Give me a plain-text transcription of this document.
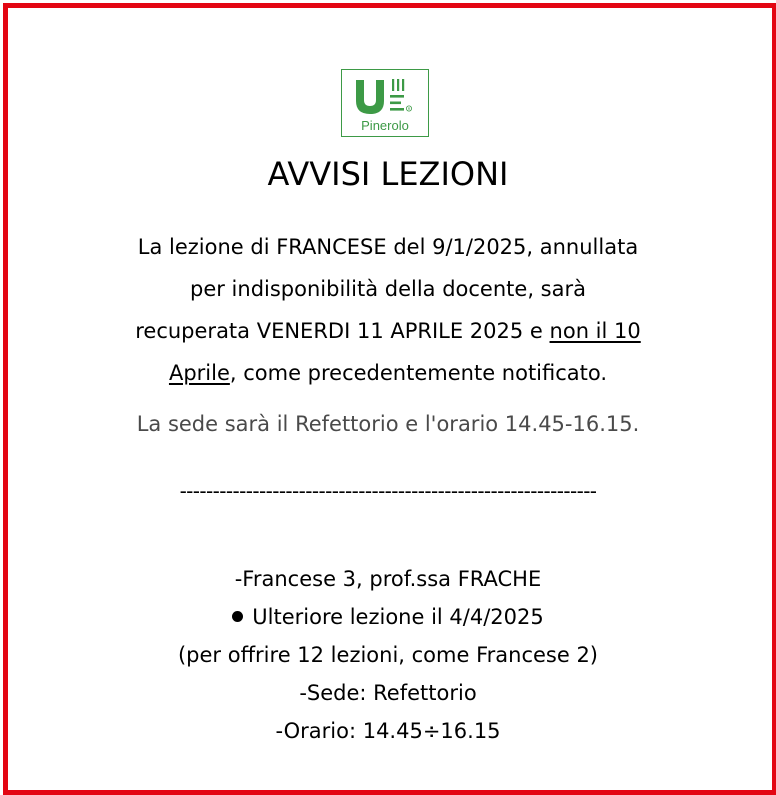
R
Pinerolo
AVVISI LEZIONI
La lezione di FRANCESE del 9/1/2025, annullata
per indisponibilità della docente, sarà
recuperata VENERDI 11 APRILE 2025 e non il 10
Aprile, come precedentemente notificato.
La sede sarà il Refettorio e l'orario 14.45-16.15.
---------------------------------------------------------------
-Francese 3, prof.ssa FRACHE
Ulteriore lezione il 4/4/2025
(per offrire 12 lezioni, come Francese 2)
-Sede: Refettorio
-Orario: 14.45÷16.15
